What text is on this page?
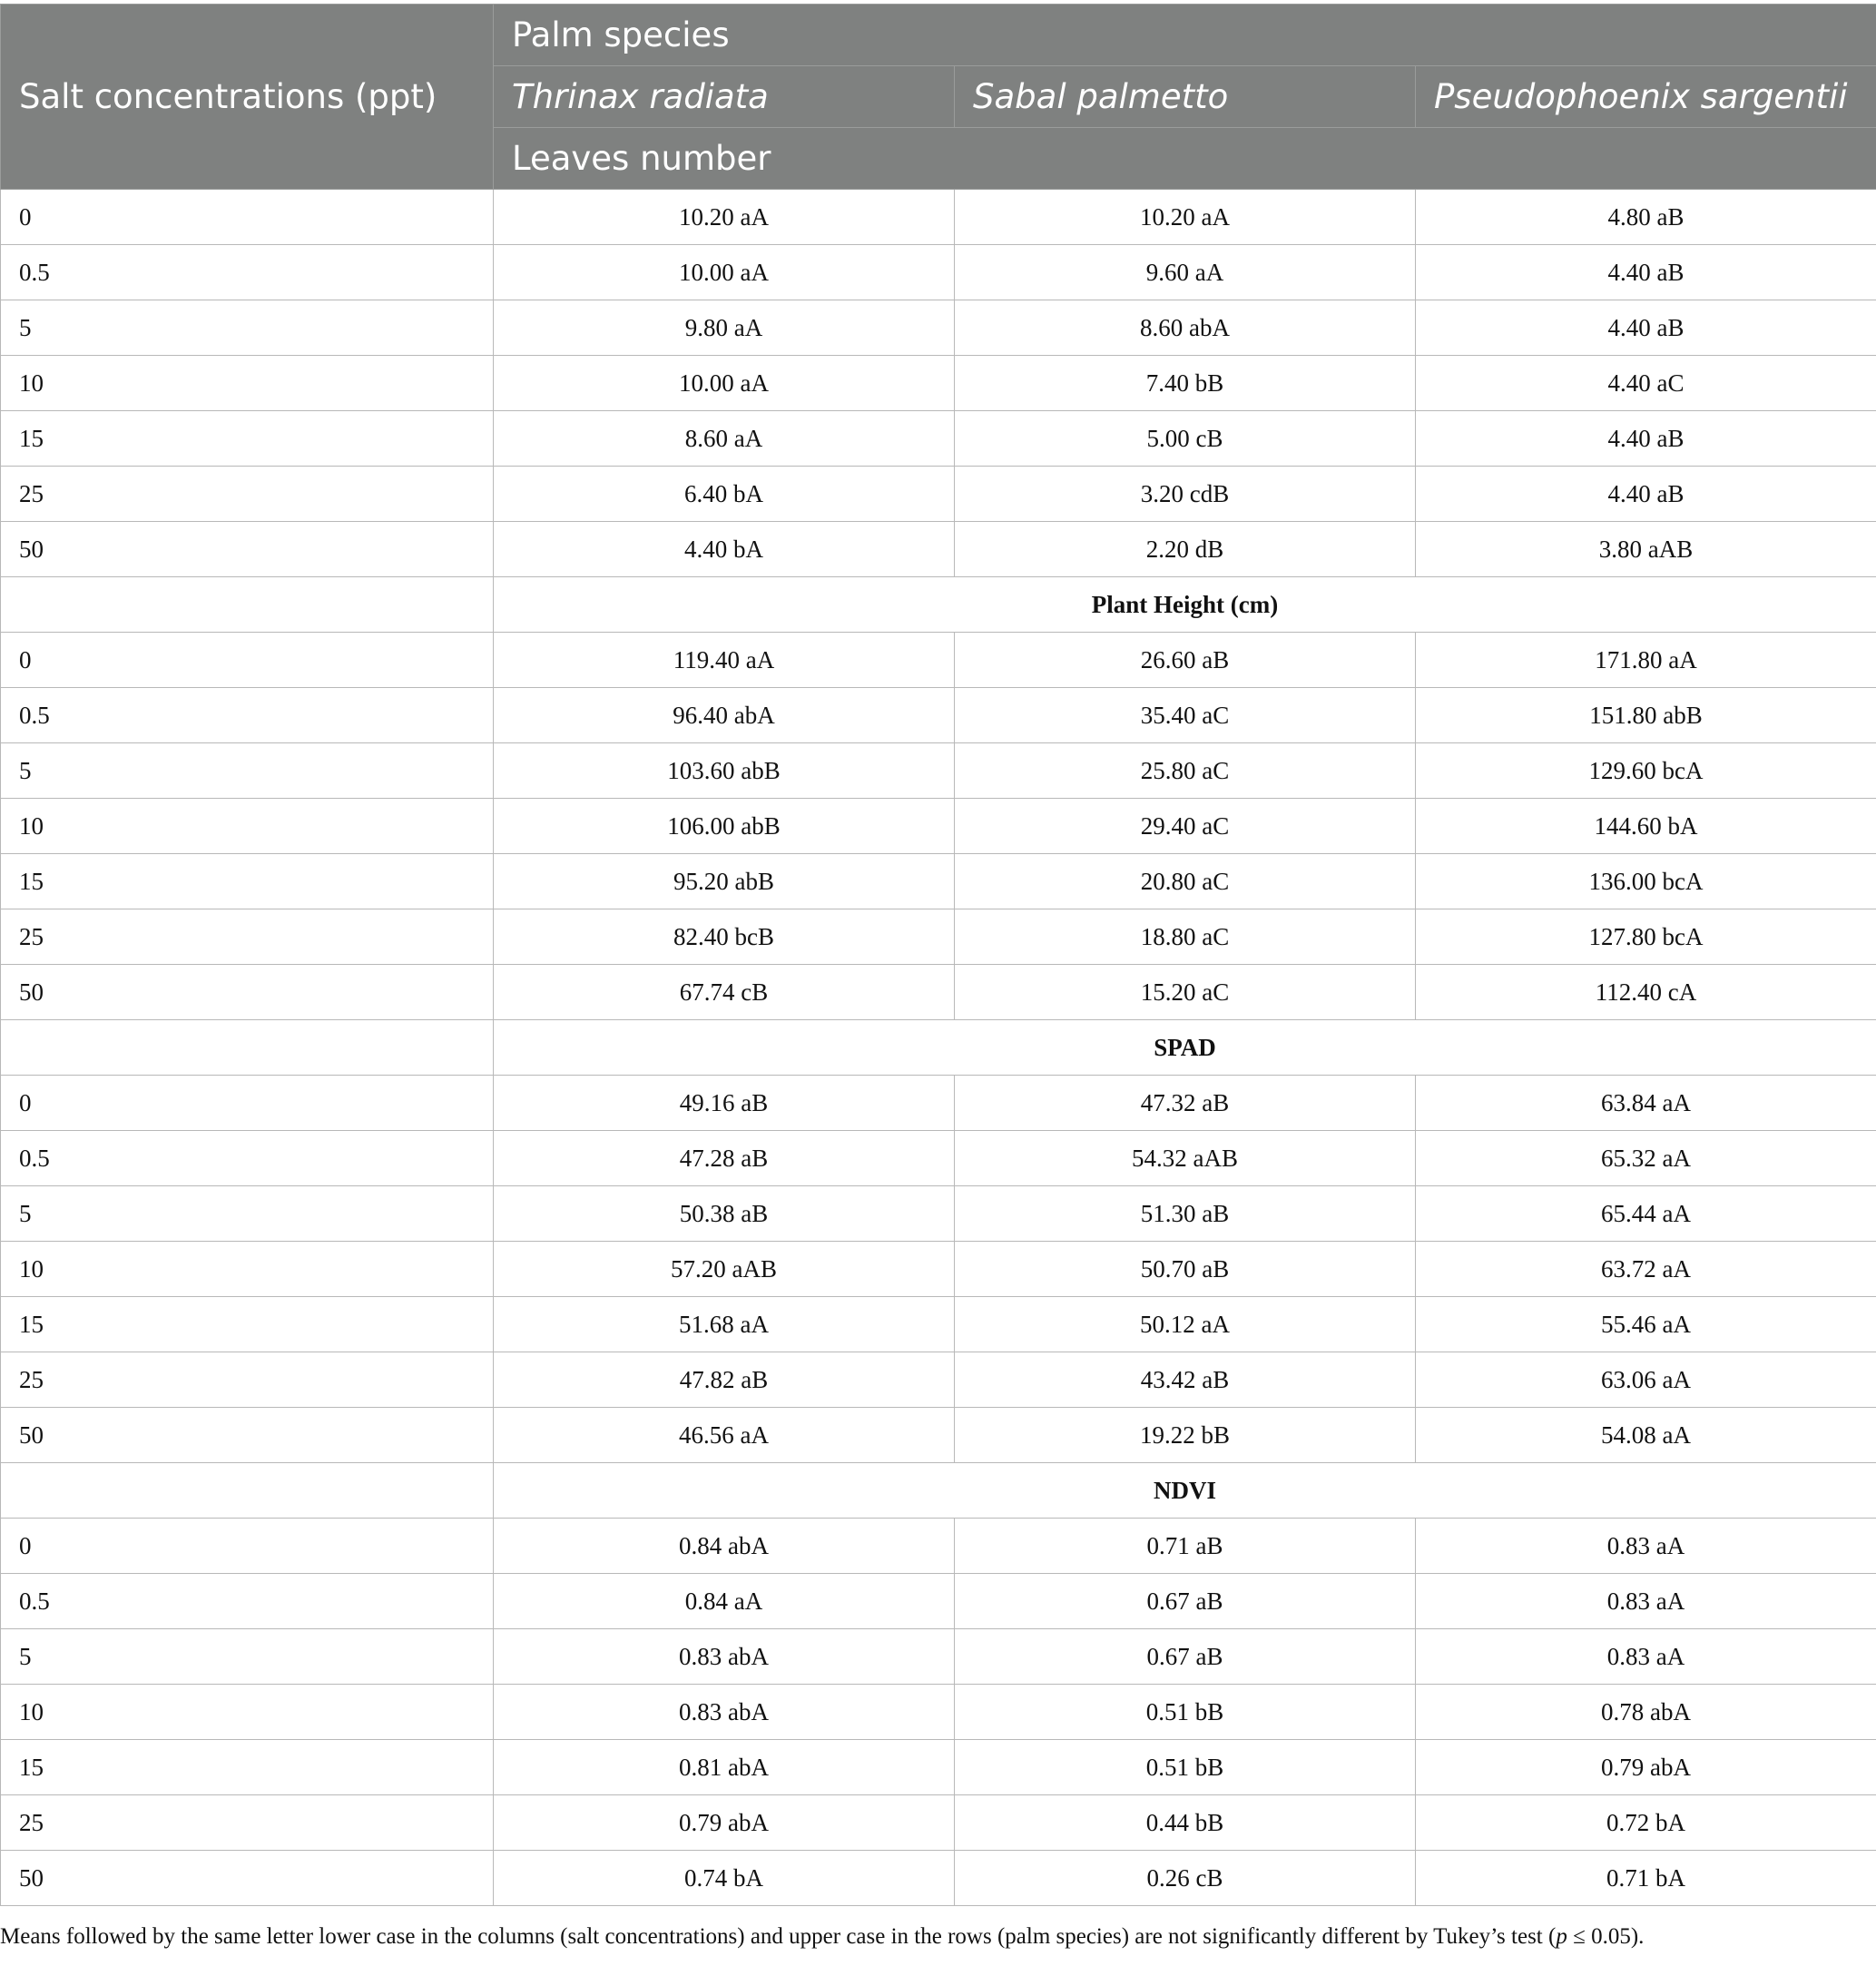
Salt concentrations (ppt)	Palm species		
	Thrinax radiata	Sabal palmetto	Pseudophoenix sargentii
	Leaves number		
0	10.20 aA	10.20 aA	4.80 aB
0.5	10.00 aA	9.60 aA	4.40 aB
5	9.80 aA	8.60 abA	4.40 aB
10	10.00 aA	7.40 bB	4.40 aC
15	8.60 aA	5.00 cB	4.40 aB
25	6.40 bA	3.20 cdB	4.40 aB
50	4.40 bA	2.20 dB	3.80 aAB
	Plant Height (cm)		
0	119.40 aA	26.60 aB	171.80 aA
0.5	96.40 abA	35.40 aC	151.80 abB
5	103.60 abB	25.80 aC	129.60 bcA
10	106.00 abB	29.40 aC	144.60 bA
15	95.20 abB	20.80 aC	136.00 bcA
25	82.40 bcB	18.80 aC	127.80 bcA
50	67.74 cB	15.20 aC	112.40 cA
	SPAD		
0	49.16 aB	47.32 aB	63.84 aA
0.5	47.28 aB	54.32 aAB	65.32 aA
5	50.38 aB	51.30 aB	65.44 aA
10	57.20 aAB	50.70 aB	63.72 aA
15	51.68 aA	50.12 aA	55.46 aA
25	47.82 aB	43.42 aB	63.06 aA
50	46.56 aA	19.22 bB	54.08 aA
	NDVI		
0	0.84 abA	0.71 aB	0.83 aA
0.5	0.84 aA	0.67 aB	0.83 aA
5	0.83 abA	0.67 aB	0.83 aA
10	0.83 abA	0.51 bB	0.78 abA
15	0.81 abA	0.51 bB	0.79 abA
25	0.79 abA	0.44 bB	0.72 bA
50	0.74 bA	0.26 cB	0.71 bA
Means followed by the same letter lower case in the columns (salt concentrations) and upper case in the rows (palm species) are not significantly different by Tukey’s test (p ≤ 0.05).
